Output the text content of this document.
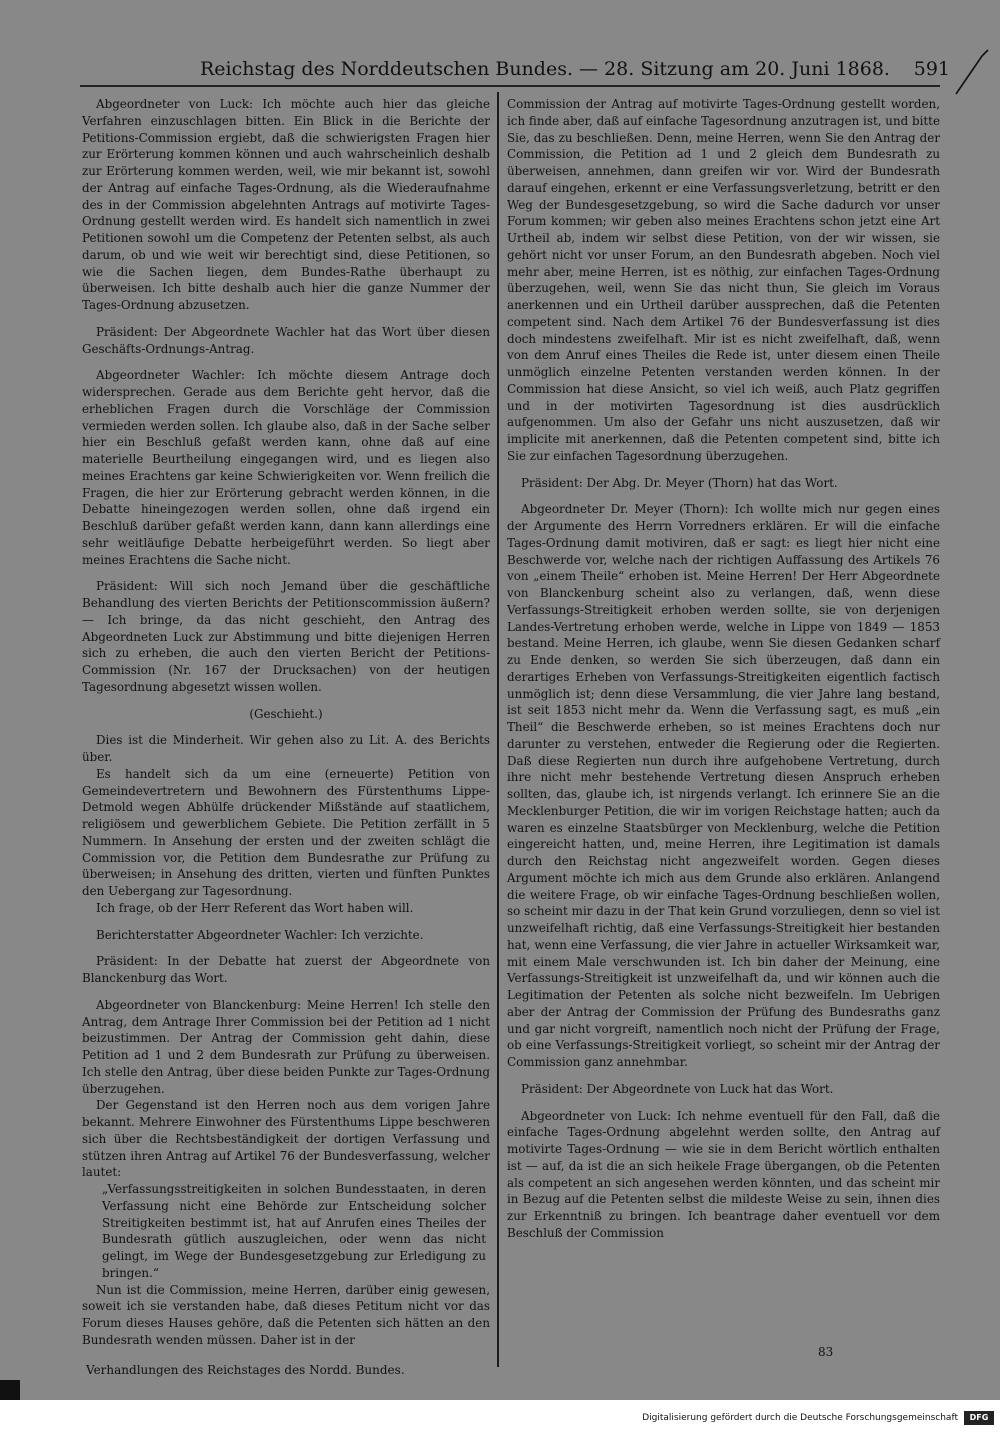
Reichstag des Norddeutschen Bundes. — 28. Sitzung am 20. Juni 1868. 591

Abgeordneter von Luck: Ich möchte auch hier das gleiche Verfahren einzuschlagen bitten. Ein Blick in die Berichte der Petitions-Commission ergiebt, daß die schwierigsten Fragen hier zur Erörterung kommen können und auch wahrscheinlich deshalb zur Erörterung kommen werden, weil, wie mir bekannt ist, sowohl der Antrag auf einfache Tages-Ordnung, als die Wiederaufnahme des in der Commission abgelehnten Antrags auf motivirte Tages-Ordnung gestellt werden wird. Es handelt sich namentlich in zwei Petitionen sowohl um die Competenz der Petenten selbst, als auch darum, ob und wie weit wir berechtigt sind, diese Petitionen, so wie die Sachen liegen, dem Bundes-Rathe überhaupt zu überweisen. Ich bitte deshalb auch hier die ganze Nummer der Tages-Ordnung abzusetzen.

Präsident: Der Abgeordnete Wachler hat das Wort über diesen Geschäfts-Ordnungs-Antrag.

Abgeordneter Wachler: Ich möchte diesem Antrage doch widersprechen. Gerade aus dem Berichte geht hervor, daß die erheblichen Fragen durch die Vorschläge der Commission vermieden werden sollen. Ich glaube also, daß in der Sache selber hier ein Beschluß gefaßt werden kann, ohne daß auf eine materielle Beurtheilung eingegangen wird, und es liegen also meines Erachtens gar keine Schwierigkeiten vor. Wenn freilich die Fragen, die hier zur Erörterung gebracht werden können, in die Debatte hineingezogen werden sollen, ohne daß irgend ein Beschluß darüber gefaßt werden kann, dann kann allerdings eine sehr weitläufige Debatte herbeigeführt werden. So liegt aber meines Erachtens die Sache nicht.

Präsident: Will sich noch Jemand über die geschäftliche Behandlung des vierten Berichts der Petitionscommission äußern? — Ich bringe, da das nicht geschieht, den Antrag des Abgeordneten Luck zur Abstimmung und bitte diejenigen Herren sich zu erheben, die auch den vierten Bericht der Petitions-Commission (Nr. 167 der Drucksachen) von der heutigen Tagesordnung abgesetzt wissen wollen.

(Geschieht.)

Dies ist die Minderheit. Wir gehen also zu Lit. A. des Berichts über.

Es handelt sich da um eine (erneuerte) Petition von Gemeindevertretern und Bewohnern des Fürstenthums Lippe-Detmold wegen Abhülfe drückender Mißstände auf staatlichem, religiösem und gewerblichem Gebiete. Die Petition zerfällt in 5 Nummern. In Ansehung der ersten und der zweiten schlägt die Commission vor, die Petition dem Bundesrathe zur Prüfung zu überweisen; in Ansehung des dritten, vierten und fünften Punktes den Uebergang zur Tagesordnung.

Ich frage, ob der Herr Referent das Wort haben will.

Berichterstatter Abgeordneter Wachler: Ich verzichte.

Präsident: In der Debatte hat zuerst der Abgeordnete von Blanckenburg das Wort.

Abgeordneter von Blanckenburg: Meine Herren! Ich stelle den Antrag, dem Antrage Ihrer Commission bei der Petition ad 1 nicht beizustimmen. Der Antrag der Commission geht dahin, diese Petition ad 1 und 2 dem Bundesrath zur Prüfung zu überweisen. Ich stelle den Antrag, über diese beiden Punkte zur Tages-Ordnung überzugehen.

Der Gegenstand ist den Herren noch aus dem vorigen Jahre bekannt. Mehrere Einwohner des Fürstenthums Lippe beschweren sich über die Rechtsbeständigkeit der dortigen Verfassung und stützen ihren Antrag auf Artikel 76 der Bundesverfassung, welcher lautet:

„Verfassungsstreitigkeiten in solchen Bundesstaaten, in deren Verfassung nicht eine Behörde zur Entscheidung solcher Streitigkeiten bestimmt ist, hat auf Anrufen eines Theiles der Bundesrath gütlich auszugleichen, oder wenn das nicht gelingt, im Wege der Bundesgesetzgebung zur Erledigung zu bringen.“

Nun ist die Commission, meine Herren, darüber einig gewesen, soweit ich sie verstanden habe, daß dieses Petitum nicht vor das Forum dieses Hauses gehöre, daß die Petenten sich hätten an den Bundesrath wenden müssen. Daher ist in der

Commission der Antrag auf motivirte Tages-Ordnung gestellt worden, ich finde aber, daß auf einfache Tagesordnung anzutragen ist, und bitte Sie, das zu beschließen. Denn, meine Herren, wenn Sie den Antrag der Commission, die Petition ad 1 und 2 gleich dem Bundesrath zu überweisen, annehmen, dann greifen wir vor. Wird der Bundesrath darauf eingehen, erkennt er eine Verfassungsverletzung, betritt er den Weg der Bundesgesetzgebung, so wird die Sache dadurch vor unser Forum kommen; wir geben also meines Erachtens schon jetzt eine Art Urtheil ab, indem wir selbst diese Petition, von der wir wissen, sie gehört nicht vor unser Forum, an den Bundesrath abgeben. Noch viel mehr aber, meine Herren, ist es nöthig, zur einfachen Tages-Ordnung überzugehen, weil, wenn Sie das nicht thun, Sie gleich im Voraus anerkennen und ein Urtheil darüber aussprechen, daß die Petenten competent sind. Nach dem Artikel 76 der Bundesverfassung ist dies doch mindestens zweifelhaft. Mir ist es nicht zweifelhaft, daß, wenn von dem Anruf eines Theiles die Rede ist, unter diesem einen Theile unmöglich einzelne Petenten verstanden werden können. In der Commission hat diese Ansicht, so viel ich weiß, auch Platz gegriffen und in der motivirten Tagesordnung ist dies ausdrücklich aufgenommen. Um also der Gefahr uns nicht auszusetzen, daß wir implicite mit anerkennen, daß die Petenten competent sind, bitte ich Sie zur einfachen Tagesordnung überzugehen.

Präsident: Der Abg. Dr. Meyer (Thorn) hat das Wort.

Abgeordneter Dr. Meyer (Thorn): Ich wollte mich nur gegen eines der Argumente des Herrn Vorredners erklären. Er will die einfache Tages-Ordnung damit motiviren, daß er sagt: es liegt hier nicht eine Beschwerde vor, welche nach der richtigen Auffassung des Artikels 76 von „einem Theile“ erhoben ist. Meine Herren! Der Herr Abgeordnete von Blanckenburg scheint also zu verlangen, daß, wenn diese Verfassungs-Streitigkeit erhoben werden sollte, sie von derjenigen Landes-Vertretung erhoben werde, welche in Lippe von 1849 — 1853 bestand. Meine Herren, ich glaube, wenn Sie diesen Gedanken scharf zu Ende denken, so werden Sie sich überzeugen, daß dann ein derartiges Erheben von Verfassungs-Streitigkeiten eigentlich factisch unmöglich ist; denn diese Versammlung, die vier Jahre lang bestand, ist seit 1853 nicht mehr da. Wenn die Verfassung sagt, es muß „ein Theil“ die Beschwerde erheben, so ist meines Erachtens doch nur darunter zu verstehen, entweder die Regierung oder die Regierten. Daß diese Regierten nun durch ihre aufgehobene Vertretung, durch ihre nicht mehr bestehende Vertretung diesen Anspruch erheben sollten, das, glaube ich, ist nirgends verlangt. Ich erinnere Sie an die Mecklenburger Petition, die wir im vorigen Reichstage hatten; auch da waren es einzelne Staatsbürger von Mecklenburg, welche die Petition eingereicht hatten, und, meine Herren, ihre Legitimation ist damals durch den Reichstag nicht angezweifelt worden. Gegen dieses Argument möchte ich mich aus dem Grunde also erklären. Anlangend die weitere Frage, ob wir einfache Tages-Ordnung beschließen wollen, so scheint mir dazu in der That kein Grund vorzuliegen, denn so viel ist unzweifelhaft richtig, daß eine Verfassungs-Streitigkeit hier bestanden hat, wenn eine Verfassung, die vier Jahre in actueller Wirksamkeit war, mit einem Male verschwunden ist. Ich bin daher der Meinung, eine Verfassungs-Streitigkeit ist unzweifelhaft da, und wir können auch die Legitimation der Petenten als solche nicht bezweifeln. Im Uebrigen aber der Antrag der Commission der Prüfung des Bundesraths ganz und gar nicht vorgreift, namentlich noch nicht der Prüfung der Frage, ob eine Verfassungs-Streitigkeit vorliegt, so scheint mir der Antrag der Commission ganz annehmbar.

Präsident: Der Abgeordnete von Luck hat das Wort.

Abgeordneter von Luck: Ich nehme eventuell für den Fall, daß die einfache Tages-Ordnung abgelehnt werden sollte, den Antrag auf motivirte Tages-Ordnung — wie sie in dem Bericht wörtlich enthalten ist — auf, da ist die an sich heikele Frage übergangen, ob die Petenten als competent an sich angesehen werden könnten, und das scheint mir in Bezug auf die Petenten selbst die mildeste Weise zu sein, ihnen dies zur Erkenntniß zu bringen. Ich beantrage daher eventuell vor dem Beschluß der Commission

Verhandlungen des Reichstages des Nordd. Bundes.
83
Digitalisierung gefördert durch die Deutsche Forschungsgemeinschaft	DFG
